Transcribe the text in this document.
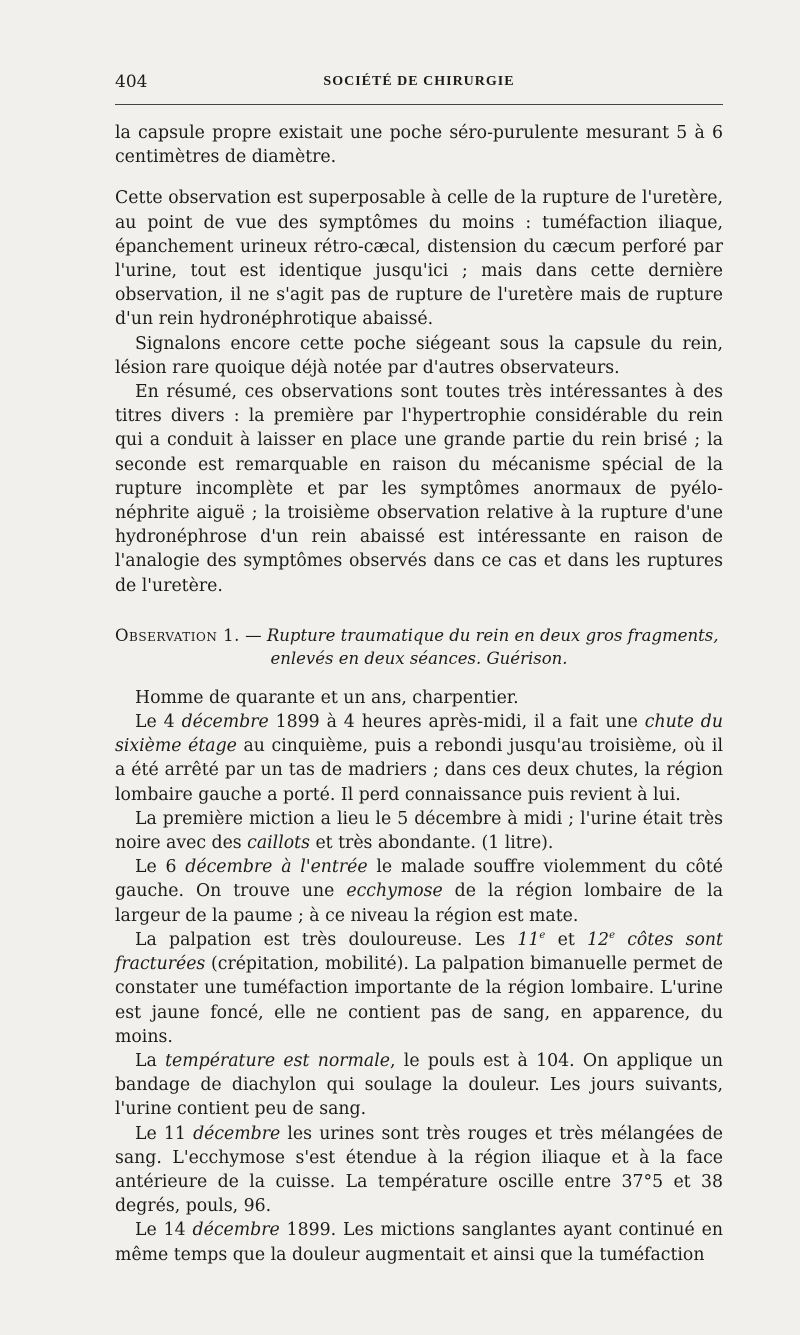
404	SOCIÉTÉ DE CHIRURGIE

la capsule propre existait une poche séro-purulente mesurant 5 à 6 centimètres de diamètre.

Cette observation est superposable à celle de la rupture de l'uretère, au point de vue des symptômes du moins : tuméfaction iliaque, épanchement urineux rétro-cæcal, distension du cæcum perforé par l'urine, tout est identique jusqu'ici ; mais dans cette dernière observation, il ne s'agit pas de rupture de l'uretère mais de rupture d'un rein hydronéphrotique abaissé.

Signalons encore cette poche siégeant sous la capsule du rein, lésion rare quoique déjà notée par d'autres observateurs.

En résumé, ces observations sont toutes très intéressantes à des titres divers : la première par l'hypertrophie considérable du rein qui a conduit à laisser en place une grande partie du rein brisé ; la seconde est remarquable en raison du mécanisme spécial de la rupture incomplète et par les symptômes anormaux de pyélo-néphrite aiguë ; la troisième observation relative à la rupture d'une hydronéphrose d'un rein abaissé est intéressante en raison de l'analogie des symptômes observés dans ce cas et dans les ruptures de l'uretère.

Observation 1. — Rupture traumatique du rein en deux gros fragments,
enlevés en deux séances. Guérison.

Homme de quarante et un ans, charpentier.

Le 4 décembre 1899 à 4 heures après-midi, il a fait une chute du sixième étage au cinquième, puis a rebondi jusqu'au troisième, où il a été arrêté par un tas de madriers ; dans ces deux chutes, la région lombaire gauche a porté. Il perd connaissance puis revient à lui.

La première miction a lieu le 5 décembre à midi ; l'urine était très noire avec des caillots et très abondante. (1 litre).

Le 6 décembre à l'entrée le malade souffre violemment du côté gauche. On trouve une ecchymose de la région lombaire de la largeur de la paume ; à ce niveau la région est mate.

La palpation est très douloureuse. Les 11e et 12e côtes sont fracturées (crépitation, mobilité). La palpation bimanuelle permet de constater une tuméfaction importante de la région lombaire. L'urine est jaune foncé, elle ne contient pas de sang, en apparence, du moins.

La température est normale, le pouls est à 104. On applique un bandage de diachylon qui soulage la douleur. Les jours suivants, l'urine contient peu de sang.

Le 11 décembre les urines sont très rouges et très mélangées de sang. L'ecchymose s'est étendue à la région iliaque et à la face antérieure de la cuisse. La température oscille entre 37°5 et 38 degrés, pouls, 96.

Le 14 décembre 1899. Les mictions sanglantes ayant continué en même temps que la douleur augmentait et ainsi que la tuméfaction
